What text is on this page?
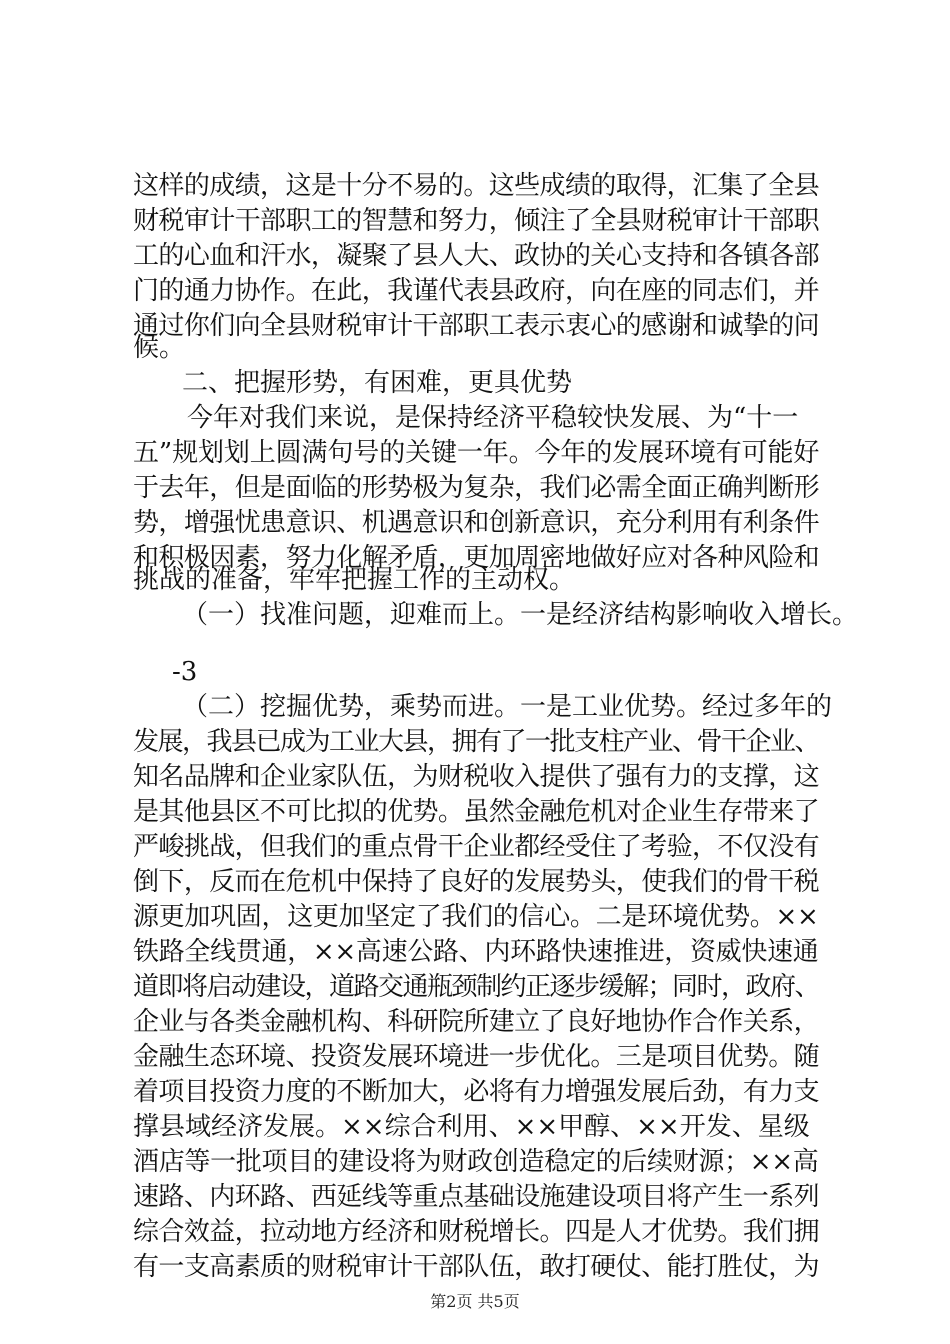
这样的成绩，这是十分不易的。这些成绩的取得，汇集了全县
财税审计干部职工的智慧和努力，倾注了全县财税审计干部职
工的心血和汗水，凝聚了县人大、政协的关心支持和各镇各部
门的通力协作。在此，我谨代表县政府，向在座的同志们，并
通过你们向全县财税审计干部职工表示衷心的感谢和诚挚的问
候。
二、把握形势，有困难，更具优势
今年对我们来说，是保持经济平稳较快发展、为“十一
五”规划划上圆满句号的关键一年。今年的发展环境有可能好
于去年，但是面临的形势极为复杂，我们必需全面正确判断形
势，增强忧患意识、机遇意识和创新意识，充分利用有利条件
和积极因素，努力化解矛盾，更加周密地做好应对各种风险和
挑战的准备，牢牢把握工作的主动权。
（一）找准问题，迎难而上。一是经济结构影响收入增长。
-3
（二）挖掘优势，乘势而进。一是工业优势。经过多年的
发展，我县已成为工业大县，拥有了一批支柱产业、骨干企业、
知名品牌和企业家队伍，为财税收入提供了强有力的支撑，这
是其他县区不可比拟的优势。虽然金融危机对企业生存带来了
严峻挑战，但我们的重点骨干企业都经受住了考验，不仅没有
倒下，反而在危机中保持了良好的发展势头，使我们的骨干税
源更加巩固，这更加坚定了我们的信心。二是环境优势。××
铁路全线贯通，××高速公路、内环路快速推进，资威快速通
道即将启动建设，道路交通瓶颈制约正逐步缓解；同时，政府、
企业与各类金融机构、科研院所建立了良好地协作合作关系，
金融生态环境、投资发展环境进一步优化。三是项目优势。随
着项目投资力度的不断加大，必将有力增强发展后劲，有力支
撑县域经济发展。××综合利用、××甲醇、××开发、星级
酒店等一批项目的建设将为财政创造稳定的后续财源；××高
速路、内环路、西延线等重点基础设施建设项目将产生一系列
综合效益，拉动地方经济和财税增长。四是人才优势。我们拥
有一支高素质的财税审计干部队伍，敢打硬仗、能打胜仗，为
第2页 共5页
